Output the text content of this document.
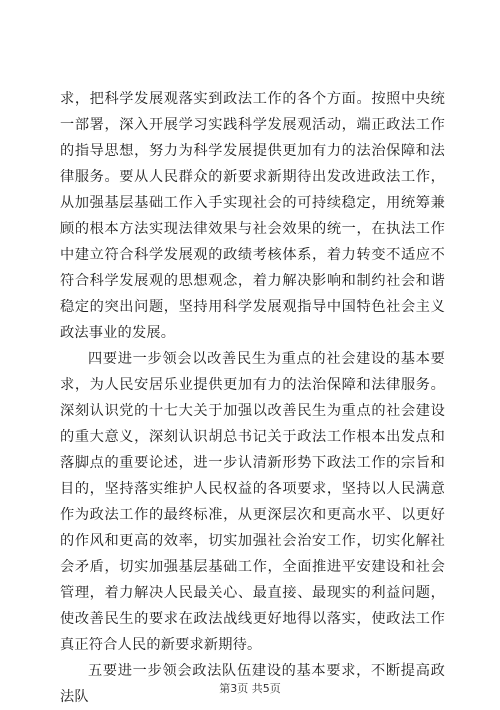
求，把科学发展观落实到政法工作的各个方面。按照中央统一部署，深入开展学习实践科学发展观活动，端正政法工作的指导思想，努力为科学发展提供更加有力的法治保障和法律服务。要从人民群众的新要求新期待出发改进政法工作，从加强基层基础工作入手实现社会的可持续稳定，用统筹兼顾的根本方法实现法律效果与社会效果的统一，在执法工作中建立符合科学发展观的政绩考核体系，着力转变不适应不符合科学发展观的思想观念，着力解决影响和制约社会和谐稳定的突出问题，坚持用科学发展观指导中国特色社会主义政法事业的发展。

四要进一步领会以改善民生为重点的社会建设的基本要求，为人民安居乐业提供更加有力的法治保障和法律服务。深刻认识党的十七大关于加强以改善民生为重点的社会建设的重大意义，深刻认识胡总书记关于政法工作根本出发点和落脚点的重要论述，进一步认清新形势下政法工作的宗旨和目的，坚持落实维护人民权益的各项要求，坚持以人民满意作为政法工作的最终标准，从更深层次和更高水平、以更好的作风和更高的效率，切实加强社会治安工作，切实化解社会矛盾，切实加强基层基础工作，全面推进平安建设和社会管理，着力解决人民最关心、最直接、最现实的利益问题，使改善民生的要求在政法战线更好地得以落实，使政法工作真正符合人民的新要求新期待。

五要进一步领会政法队伍建设的基本要求，不断提高政法队

第3页 共5页
